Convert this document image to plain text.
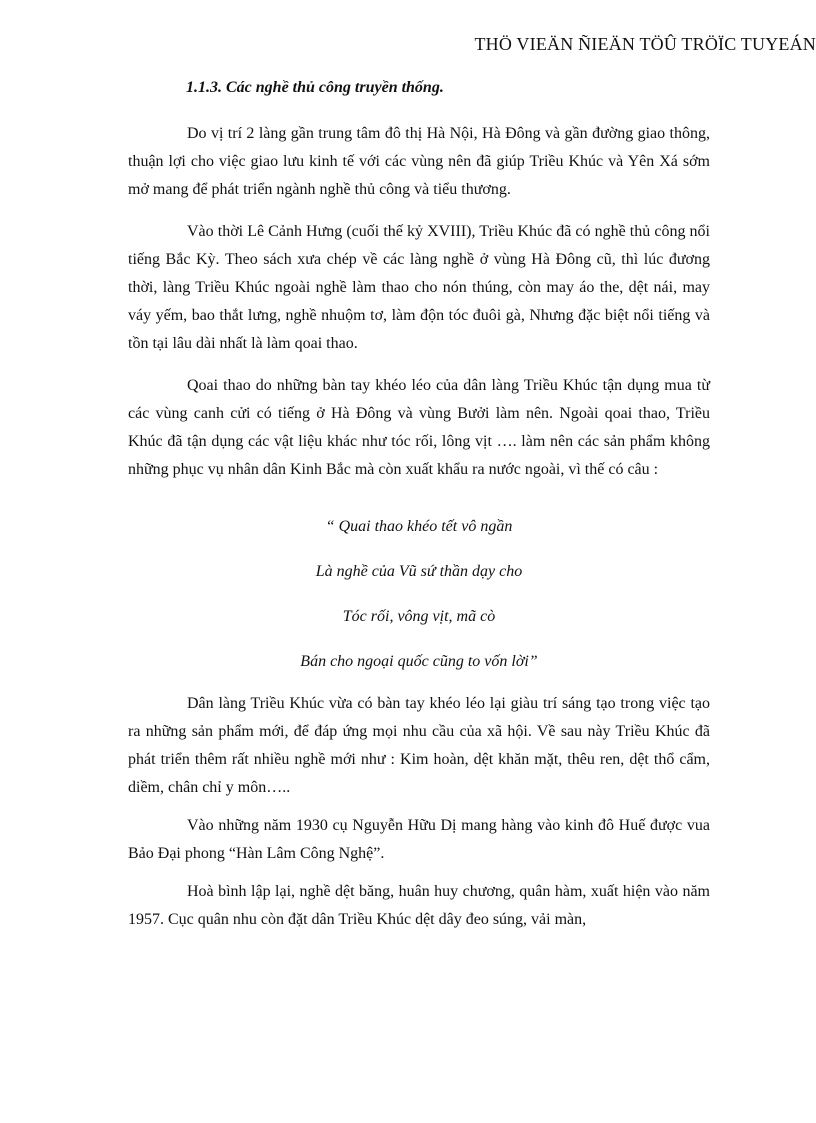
THÖ VIEÄN ÑIEÄN TÖÛ TRÖÏC TUYEÁN
1.1.3. Các nghề thủ công truyền thống.

Do vị trí 2 làng gần trung tâm đô thị Hà Nội, Hà Đông và gần đường giao thông, thuận lợi cho việc giao lưu kinh tế với các vùng nên đã giúp Triều Khúc và Yên Xá sớm mở mang để phát triển ngành nghề thủ công và tiểu thương.

Vào thời Lê Cảnh Hưng (cuối thế kỷ XVIII), Triều Khúc đã có nghề thủ công nổi tiếng Bắc Kỳ. Theo sách xưa chép về các làng nghề ở vùng Hà Đông cũ, thì lúc đương thời, làng Triều Khúc ngoài nghề làm thao cho nón thúng, còn may áo the, dệt nái, may váy yếm, bao thắt lưng, nghề nhuộm tơ, làm độn tóc đuôi gà, Nhưng đặc biệt nổi tiếng và tồn tại lâu dài nhất là làm qoai thao.

Qoai thao do những bàn tay khéo léo của dân làng Triều Khúc tận dụng mua từ các vùng canh cửi có tiếng ở Hà Đông và vùng Bưởi làm nên. Ngoài qoai thao, Triều Khúc đã tận dụng các vật liệu khác như tóc rối, lông vịt …. làm nên các sản phẩm không những phục vụ nhân dân Kinh Bắc mà còn xuất khẩu ra nước ngoài, vì thế có câu :

“ Quai thao khéo tết vô ngần

Là nghề của Vũ sứ thần dạy cho

Tóc rối, vông vịt, mã cò

Bán cho ngoại quốc cũng to vốn lời”

Dân làng Triều Khúc vừa có bàn tay khéo léo lại giàu trí sáng tạo trong việc tạo ra những sản phẩm mới, để đáp ứng mọi nhu cầu của xã hội. Về sau này Triều Khúc đã phát triển thêm rất nhiều nghề mới như : Kim hoàn, dệt khăn mặt, thêu ren, dệt thổ cẩm, diềm, chân chỉ y môn…..

Vào những năm 1930 cụ Nguyễn Hữu Dị mang hàng vào kinh đô Huế được vua Bảo Đại phong “Hàn Lâm Công Nghệ”.

Hoà bình lập lại, nghề dệt băng, huân huy chương, quân hàm, xuất hiện vào năm 1957. Cục quân nhu còn đặt dân Triều Khúc dệt dây đeo súng, vải màn,
